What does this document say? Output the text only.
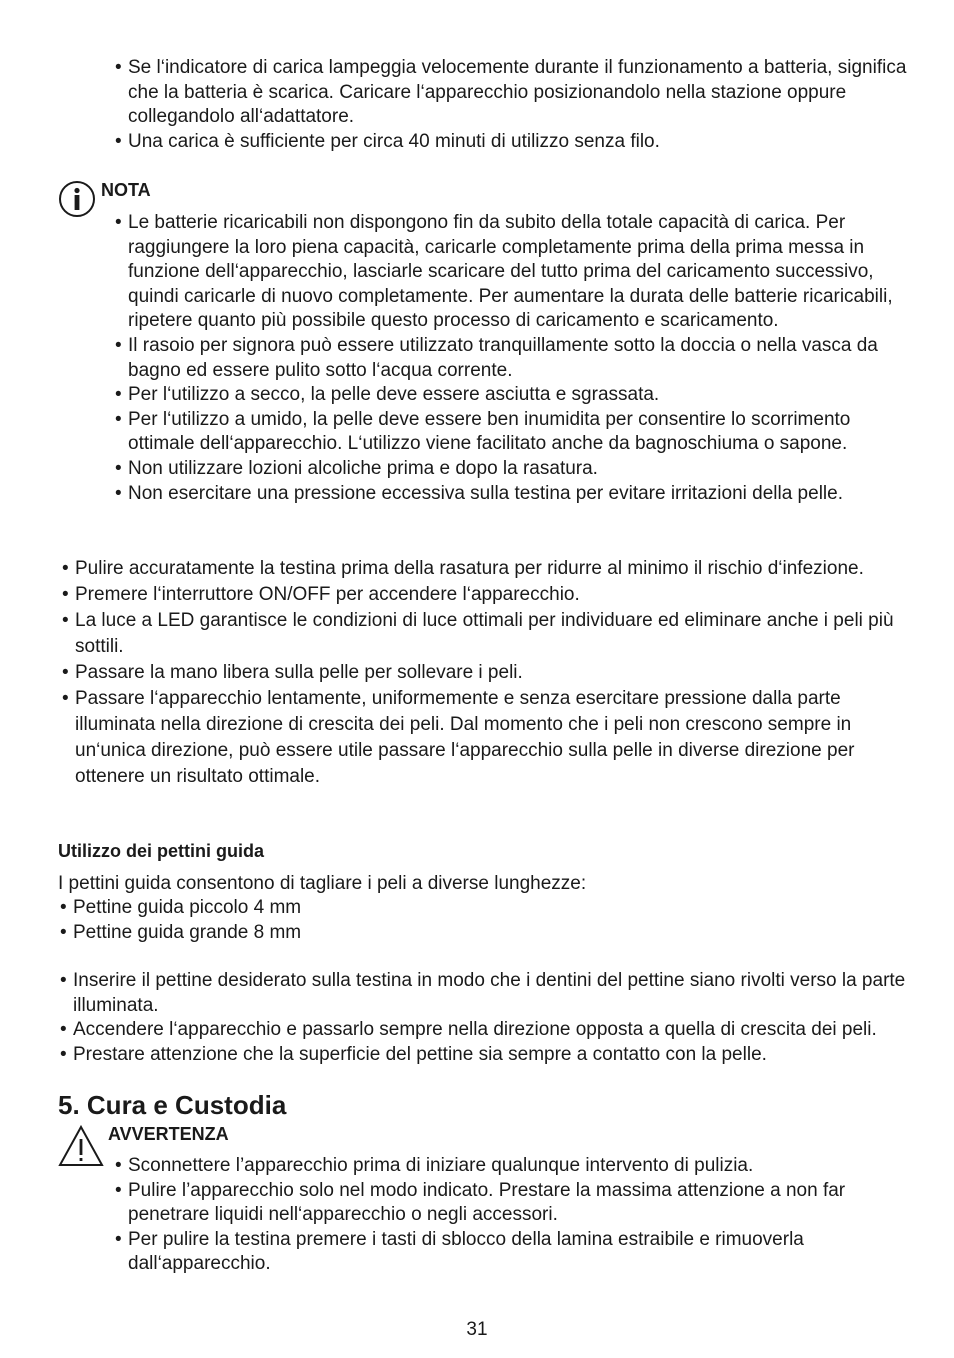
• Se l‘indicatore di carica lampeggia velocemente durante il funzionamento a batteria, significa che la batteria è scarica. Caricare l‘apparecchio posizionandolo nella stazione oppure collegandolo all‘adattatore.
• Una carica è sufficiente per circa 40 minuti di utilizzo senza filo.
NOTA
• Le batterie ricaricabili non dispongono fin da subito della totale capacità di carica. Per raggiungere la loro piena capacità, caricarle completamente prima della prima messa in funzione dell‘apparecchio, lasciarle scaricare del tutto prima del caricamento successivo, quindi caricarle di nuovo completamente. Per aumentare la durata delle batterie ricaricabili, ripetere quanto più possibile questo processo di caricamento e scaricamento.
• Il rasoio per signora può essere utilizzato tranquillamente sotto la doccia o nella vasca da bagno ed essere pulito sotto l‘acqua corrente.
• Per l‘utilizzo a secco, la pelle deve essere asciutta e sgrassata.
• Per l‘utilizzo a umido, la pelle deve essere ben inumidita per consentire lo scorrimento ottimale dell‘apparecchio. L‘utilizzo viene facilitato anche da bagnoschiuma o sapone.
• Non utilizzare lozioni alcoliche prima e dopo la rasatura.
• Non esercitare una pressione eccessiva sulla testina per evitare irritazioni della pelle.
• Pulire accuratamente la testina prima della rasatura per ridurre al minimo il rischio d‘infezione.
• Premere l‘interruttore ON/OFF per accendere l‘apparecchio.
• La luce a LED garantisce le condizioni di luce ottimali per individuare ed eliminare anche i peli più sottili.
• Passare la mano libera sulla pelle per sollevare i peli.
• Passare l‘apparecchio lentamente, uniformemente e senza esercitare pressione dalla parte illuminata nella direzione di crescita dei peli. Dal momento che i peli non crescono sempre in un‘unica direzione, può essere utile passare l‘apparecchio sulla pelle in diverse direzione per ottenere un risultato ottimale.
Utilizzo dei pettini guida
I pettini guida consentono di tagliare i peli a diverse lunghezze:
• Pettine guida piccolo 4 mm
• Pettine guida grande 8 mm
• Inserire il pettine desiderato sulla testina in modo che i dentini del pettine siano rivolti verso la parte illuminata.
• Accendere l‘apparecchio e passarlo sempre nella direzione opposta a quella di crescita dei peli.
• Prestare attenzione che la superficie del pettine sia sempre a contatto con la pelle.
5. Cura e Custodia
AVVERTENZA
• Sconnettere l’apparecchio prima di iniziare qualunque intervento di pulizia.
• Pulire l’apparecchio solo nel modo indicato. Prestare la massima attenzione a non far penetrare liquidi nell‘apparecchio o negli accessori.
• Per pulire la testina premere i tasti di sblocco della lamina estraibile e rimuoverla dall‘apparecchio.
31
